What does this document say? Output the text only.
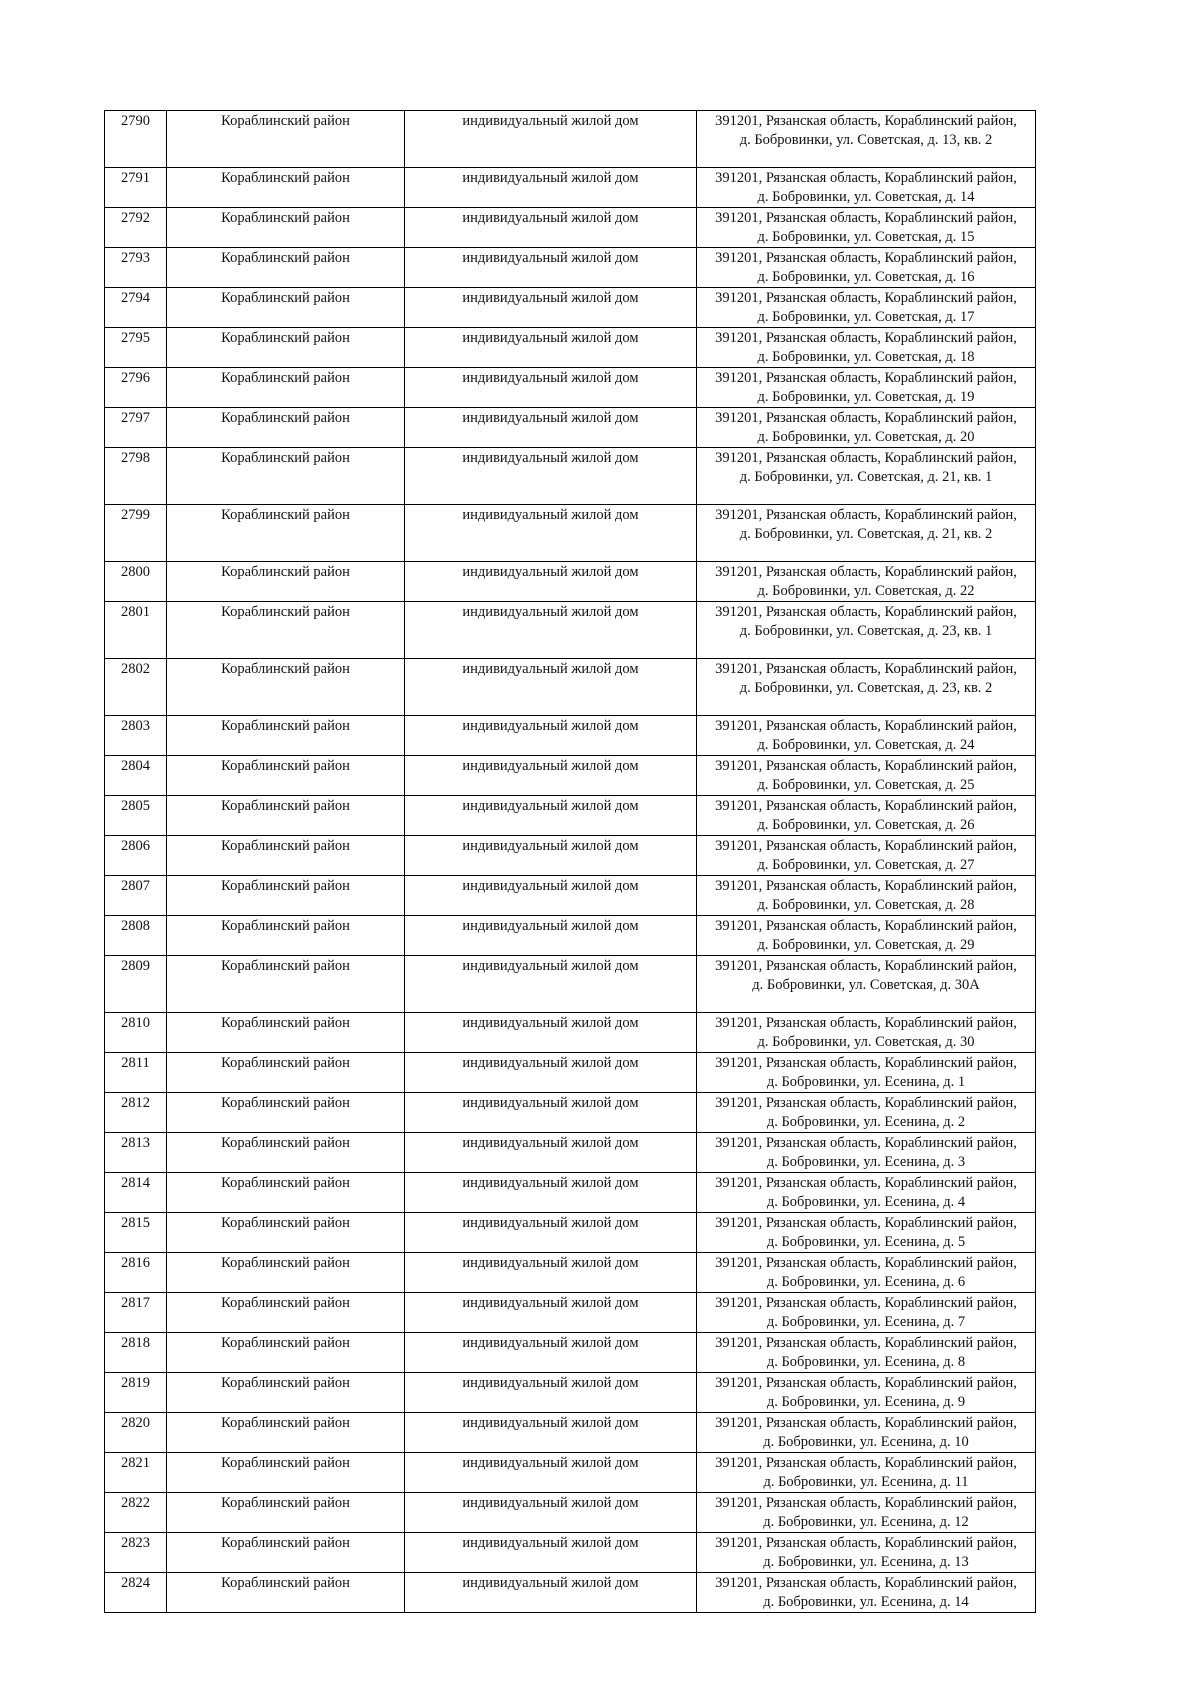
2790	Кораблинский район	индивидуальный жилой дом	391201, Рязанская область, Кораблинский район,
д. Бобровинки, ул. Советская, д. 13, кв. 2

2791	Кораблинский район	индивидуальный жилой дом	391201, Рязанская область, Кораблинский район,
д. Бобровинки, ул. Советская, д. 14

2792	Кораблинский район	индивидуальный жилой дом	391201, Рязанская область, Кораблинский район,
д. Бобровинки, ул. Советская, д. 15

2793	Кораблинский район	индивидуальный жилой дом	391201, Рязанская область, Кораблинский район,
д. Бобровинки, ул. Советская, д. 16

2794	Кораблинский район	индивидуальный жилой дом	391201, Рязанская область, Кораблинский район,
д. Бобровинки, ул. Советская, д. 17

2795	Кораблинский район	индивидуальный жилой дом	391201, Рязанская область, Кораблинский район,
д. Бобровинки, ул. Советская, д. 18

2796	Кораблинский район	индивидуальный жилой дом	391201, Рязанская область, Кораблинский район,
д. Бобровинки, ул. Советская, д. 19

2797	Кораблинский район	индивидуальный жилой дом	391201, Рязанская область, Кораблинский район,
д. Бобровинки, ул. Советская, д. 20

2798	Кораблинский район	индивидуальный жилой дом	391201, Рязанская область, Кораблинский район,
д. Бобровинки, ул. Советская, д. 21, кв. 1

2799	Кораблинский район	индивидуальный жилой дом	391201, Рязанская область, Кораблинский район,
д. Бобровинки, ул. Советская, д. 21, кв. 2

2800	Кораблинский район	индивидуальный жилой дом	391201, Рязанская область, Кораблинский район,
д. Бобровинки, ул. Советская, д. 22

2801	Кораблинский район	индивидуальный жилой дом	391201, Рязанская область, Кораблинский район,
д. Бобровинки, ул. Советская, д. 23, кв. 1

2802	Кораблинский район	индивидуальный жилой дом	391201, Рязанская область, Кораблинский район,
д. Бобровинки, ул. Советская, д. 23, кв. 2

2803	Кораблинский район	индивидуальный жилой дом	391201, Рязанская область, Кораблинский район,
д. Бобровинки, ул. Советская, д. 24

2804	Кораблинский район	индивидуальный жилой дом	391201, Рязанская область, Кораблинский район,
д. Бобровинки, ул. Советская, д. 25

2805	Кораблинский район	индивидуальный жилой дом	391201, Рязанская область, Кораблинский район,
д. Бобровинки, ул. Советская, д. 26

2806	Кораблинский район	индивидуальный жилой дом	391201, Рязанская область, Кораблинский район,
д. Бобровинки, ул. Советская, д. 27

2807	Кораблинский район	индивидуальный жилой дом	391201, Рязанская область, Кораблинский район,
д. Бобровинки, ул. Советская, д. 28

2808	Кораблинский район	индивидуальный жилой дом	391201, Рязанская область, Кораблинский район,
д. Бобровинки, ул. Советская, д. 29

2809	Кораблинский район	индивидуальный жилой дом	391201, Рязанская область, Кораблинский район,
д. Бобровинки, ул. Советская, д. 30А

2810	Кораблинский район	индивидуальный жилой дом	391201, Рязанская область, Кораблинский район,
д. Бобровинки, ул. Советская, д. 30

2811	Кораблинский район	индивидуальный жилой дом	391201, Рязанская область, Кораблинский район,
д. Бобровинки, ул. Есенина, д. 1

2812	Кораблинский район	индивидуальный жилой дом	391201, Рязанская область, Кораблинский район,
д. Бобровинки, ул. Есенина, д. 2

2813	Кораблинский район	индивидуальный жилой дом	391201, Рязанская область, Кораблинский район,
д. Бобровинки, ул. Есенина, д. 3

2814	Кораблинский район	индивидуальный жилой дом	391201, Рязанская область, Кораблинский район,
д. Бобровинки, ул. Есенина, д. 4

2815	Кораблинский район	индивидуальный жилой дом	391201, Рязанская область, Кораблинский район,
д. Бобровинки, ул. Есенина, д. 5

2816	Кораблинский район	индивидуальный жилой дом	391201, Рязанская область, Кораблинский район,
д. Бобровинки, ул. Есенина, д. 6

2817	Кораблинский район	индивидуальный жилой дом	391201, Рязанская область, Кораблинский район,
д. Бобровинки, ул. Есенина, д. 7

2818	Кораблинский район	индивидуальный жилой дом	391201, Рязанская область, Кораблинский район,
д. Бобровинки, ул. Есенина, д. 8

2819	Кораблинский район	индивидуальный жилой дом	391201, Рязанская область, Кораблинский район,
д. Бобровинки, ул. Есенина, д. 9

2820	Кораблинский район	индивидуальный жилой дом	391201, Рязанская область, Кораблинский район,
д. Бобровинки, ул. Есенина, д. 10

2821	Кораблинский район	индивидуальный жилой дом	391201, Рязанская область, Кораблинский район,
д. Бобровинки, ул. Есенина, д. 11

2822	Кораблинский район	индивидуальный жилой дом	391201, Рязанская область, Кораблинский район,
д. Бобровинки, ул. Есенина, д. 12

2823	Кораблинский район	индивидуальный жилой дом	391201, Рязанская область, Кораблинский район,
д. Бобровинки, ул. Есенина, д. 13

2824	Кораблинский район	индивидуальный жилой дом	391201, Рязанская область, Кораблинский район,
д. Бобровинки, ул. Есенина, д. 14
